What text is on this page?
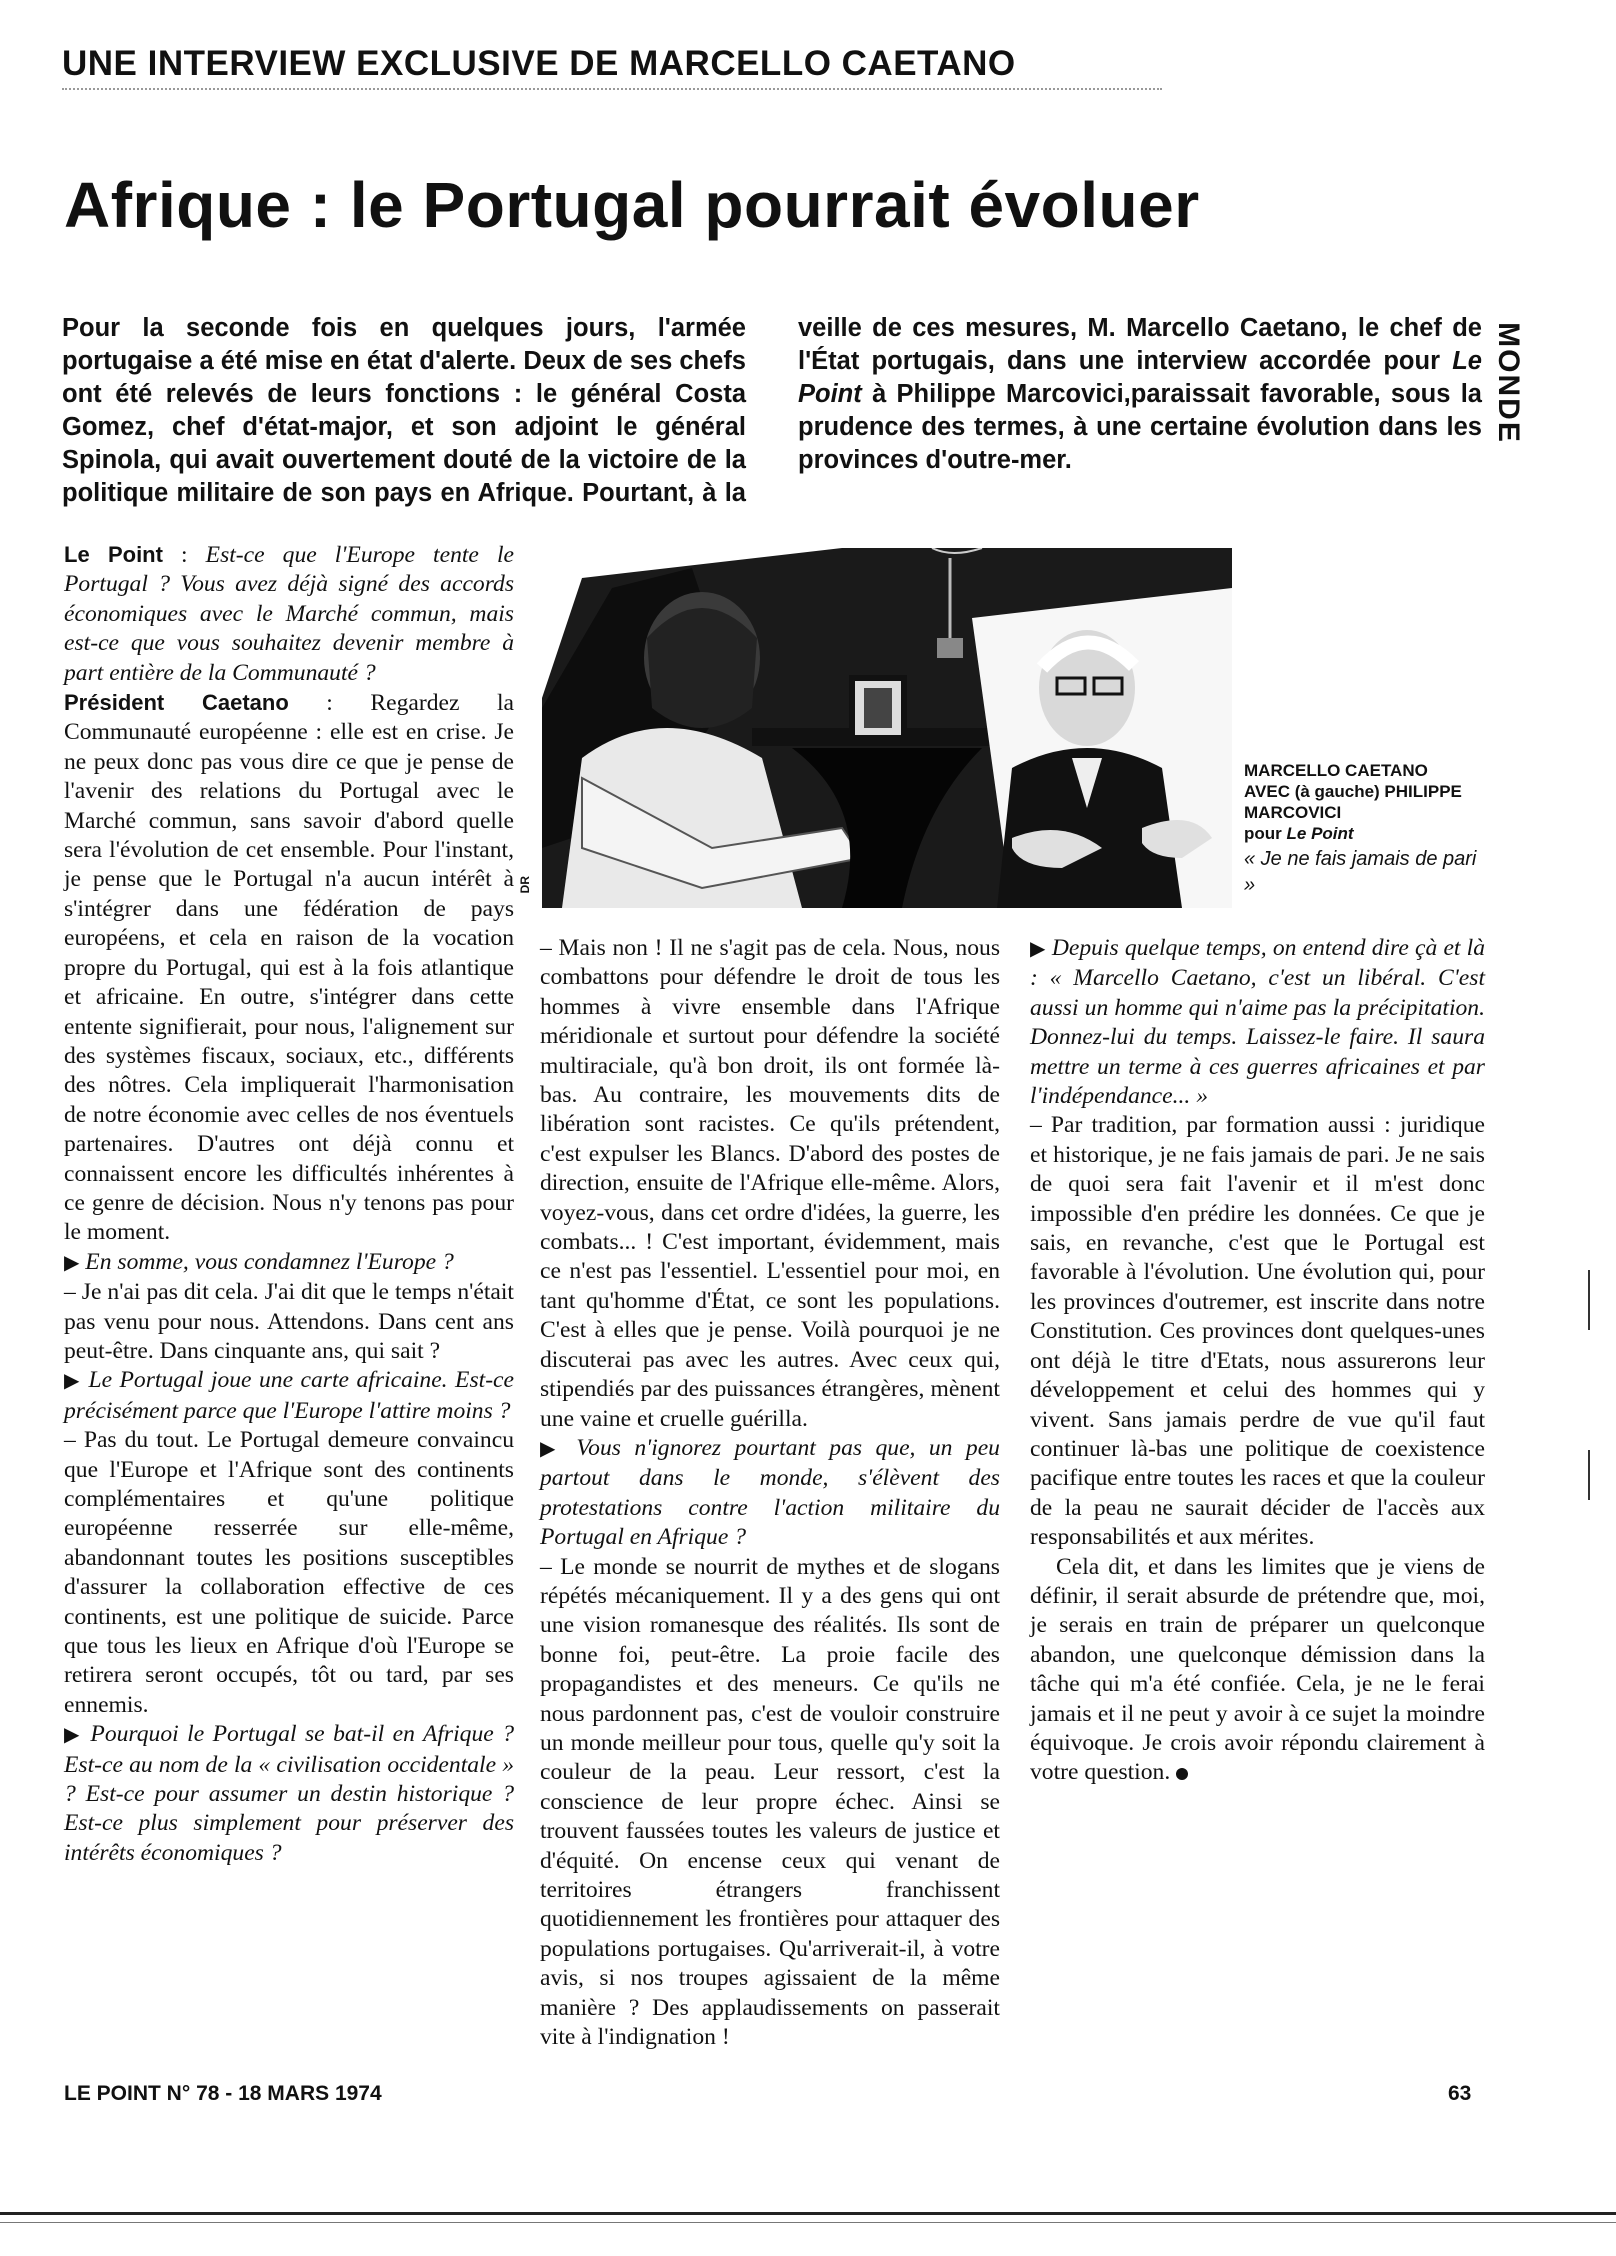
UNE INTERVIEW EXCLUSIVE DE MARCELLO CAETANO
Afrique : le Portugal pourrait évoluer
Pour la seconde fois en quelques jours, l'armée portugaise a été mise en état d'alerte. Deux de ses chefs ont été relevés de leurs fonctions : le général Costa Gomez, chef d'état-major, et son adjoint le général Spinola, qui avait ouvertement douté de la victoire de la politique militaire de son pays en Afrique. Pourtant, à la veille de ces mesures, M. Marcello Caetano, le chef de l'État portugais, dans une interview accordée pour Le Point à Philippe Marcovici,paraissait favorable, sous la prudence des termes, à une certaine évolution dans les provinces d'outre-mer.
MONDE

Le Point : Est-ce que l'Europe tente le Portugal ? Vous avez déjà signé des accords économiques avec le Marché commun, mais est-ce que vous souhaitez devenir membre à part entière de la Communauté ?

Président Caetano : Regardez la Communauté européenne : elle est en crise. Je ne peux donc pas vous dire ce que je pense de l'avenir des relations du Portugal avec le Marché commun, sans savoir d'abord quelle sera l'évolution de cet ensemble. Pour l'instant, je pense que le Portugal n'a aucun intérêt à s'intégrer dans une fédération de pays européens, et cela en raison de la vocation propre du Portugal, qui est à la fois atlantique et africaine. En outre, s'intégrer dans cette entente signifierait, pour nous, l'alignement sur des systèmes fiscaux, sociaux, etc., différents des nôtres. Cela impliquerait l'harmonisation de notre économie avec celles de nos éventuels partenaires. D'autres ont déjà connu et connaissent encore les difficultés inhérentes à ce genre de décision. Nous n'y tenons pas pour le moment.

▶ En somme, vous condamnez l'Europe ?

– Je n'ai pas dit cela. J'ai dit que le temps n'était pas venu pour nous. Attendons. Dans cent ans peut-être. Dans cinquante ans, qui sait ?

▶ Le Portugal joue une carte africaine. Est-ce précisément parce que l'Europe l'attire moins ?

– Pas du tout. Le Portugal demeure convaincu que l'Europe et l'Afrique sont des continents complémentaires et qu'une politique européenne resserrée sur elle-même, abandonnant toutes les positions susceptibles d'assurer la collaboration effective de ces continents, est une politique de suicide. Parce que tous les lieux en Afrique d'où l'Europe se retirera seront occupés, tôt ou tard, par ses ennemis.

▶ Pourquoi le Portugal se bat-il en Afrique ? Est-ce au nom de la « civilisation occidentale » ? Est-ce pour assumer un destin historique ? Est-ce plus simplement pour préserver des intérêts économiques ?

DR
MARCELLO CAETANO
AVEC (à gauche) PHILIPPE MARCOVICI
pour Le Point
« Je ne fais jamais de pari »

– Mais non ! Il ne s'agit pas de cela. Nous, nous combattons pour défendre le droit de tous les hommes à vivre ensemble dans l'Afrique méridionale et surtout pour défendre la société multiraciale, qu'à bon droit, ils ont formée là-bas. Au contraire, les mouvements dits de libération sont racistes. Ce qu'ils prétendent, c'est expulser les Blancs. D'abord des postes de direction, ensuite de l'Afrique elle-même. Alors, voyez-vous, dans cet ordre d'idées, la guerre, les combats... ! C'est important, évidemment, mais ce n'est pas l'essentiel. L'essentiel pour moi, en tant qu'homme d'État, ce sont les populations. C'est à elles que je pense. Voilà pourquoi je ne discuterai pas avec les autres. Avec ceux qui, stipendiés par des puissances étrangères, mènent une vaine et cruelle guérilla.

▶ Vous n'ignorez pourtant pas que, un peu partout dans le monde, s'élèvent des protestations contre l'action militaire du Portugal en Afrique ?

– Le monde se nourrit de mythes et de slogans répétés mécaniquement. Il y a des gens qui ont une vision romanesque des réalités. Ils sont de bonne foi, peut-être. La proie facile des propagandistes et des meneurs. Ce qu'ils ne nous pardonnent pas, c'est de vouloir construire un monde meilleur pour tous, quelle qu'y soit la couleur de la peau. Leur ressort, c'est la conscience de leur propre échec. Ainsi se trouvent faussées toutes les valeurs de justice et d'équité. On encense ceux qui venant de territoires étrangers franchissent quotidiennement les frontières pour attaquer des populations portugaises. Qu'arriverait-il, à votre avis, si nos troupes agissaient de la même manière ? Des applaudissements on passerait vite à l'indignation !

▶ Depuis quelque temps, on entend dire çà et là : « Marcello Caetano, c'est un libéral. C'est aussi un homme qui n'aime pas la précipitation. Donnez-lui du temps. Laissez-le faire. Il saura mettre un terme à ces guerres africaines et par l'indépendance... »

– Par tradition, par formation aussi : juridique et historique, je ne fais jamais de pari. Je ne sais de quoi sera fait l'avenir et il m'est donc impossible d'en prédire les données. Ce que je sais, en revanche, c'est que le Portugal est favorable à l'évolution. Une évolution qui, pour les provinces d'outremer, est inscrite dans notre Constitution. Ces provinces dont quelques-unes ont déjà le titre d'Etats, nous assurerons leur développement et celui des hommes qui y vivent. Sans jamais perdre de vue qu'il faut continuer là-bas une politique de coexistence pacifique entre toutes les races et que la couleur de la peau ne saurait décider de l'accès aux responsabilités et aux mérites.

Cela dit, et dans les limites que je viens de définir, il serait absurde de prétendre que, moi, je serais en train de préparer un quelconque abandon, une quelconque démission dans la tâche qui m'a été confiée. Cela, je ne le ferai jamais et il ne peut y avoir à ce sujet la moindre équivoque. Je crois avoir répondu clairement à votre question.

LE POINT N° 78 - 18 MARS 1974	63
